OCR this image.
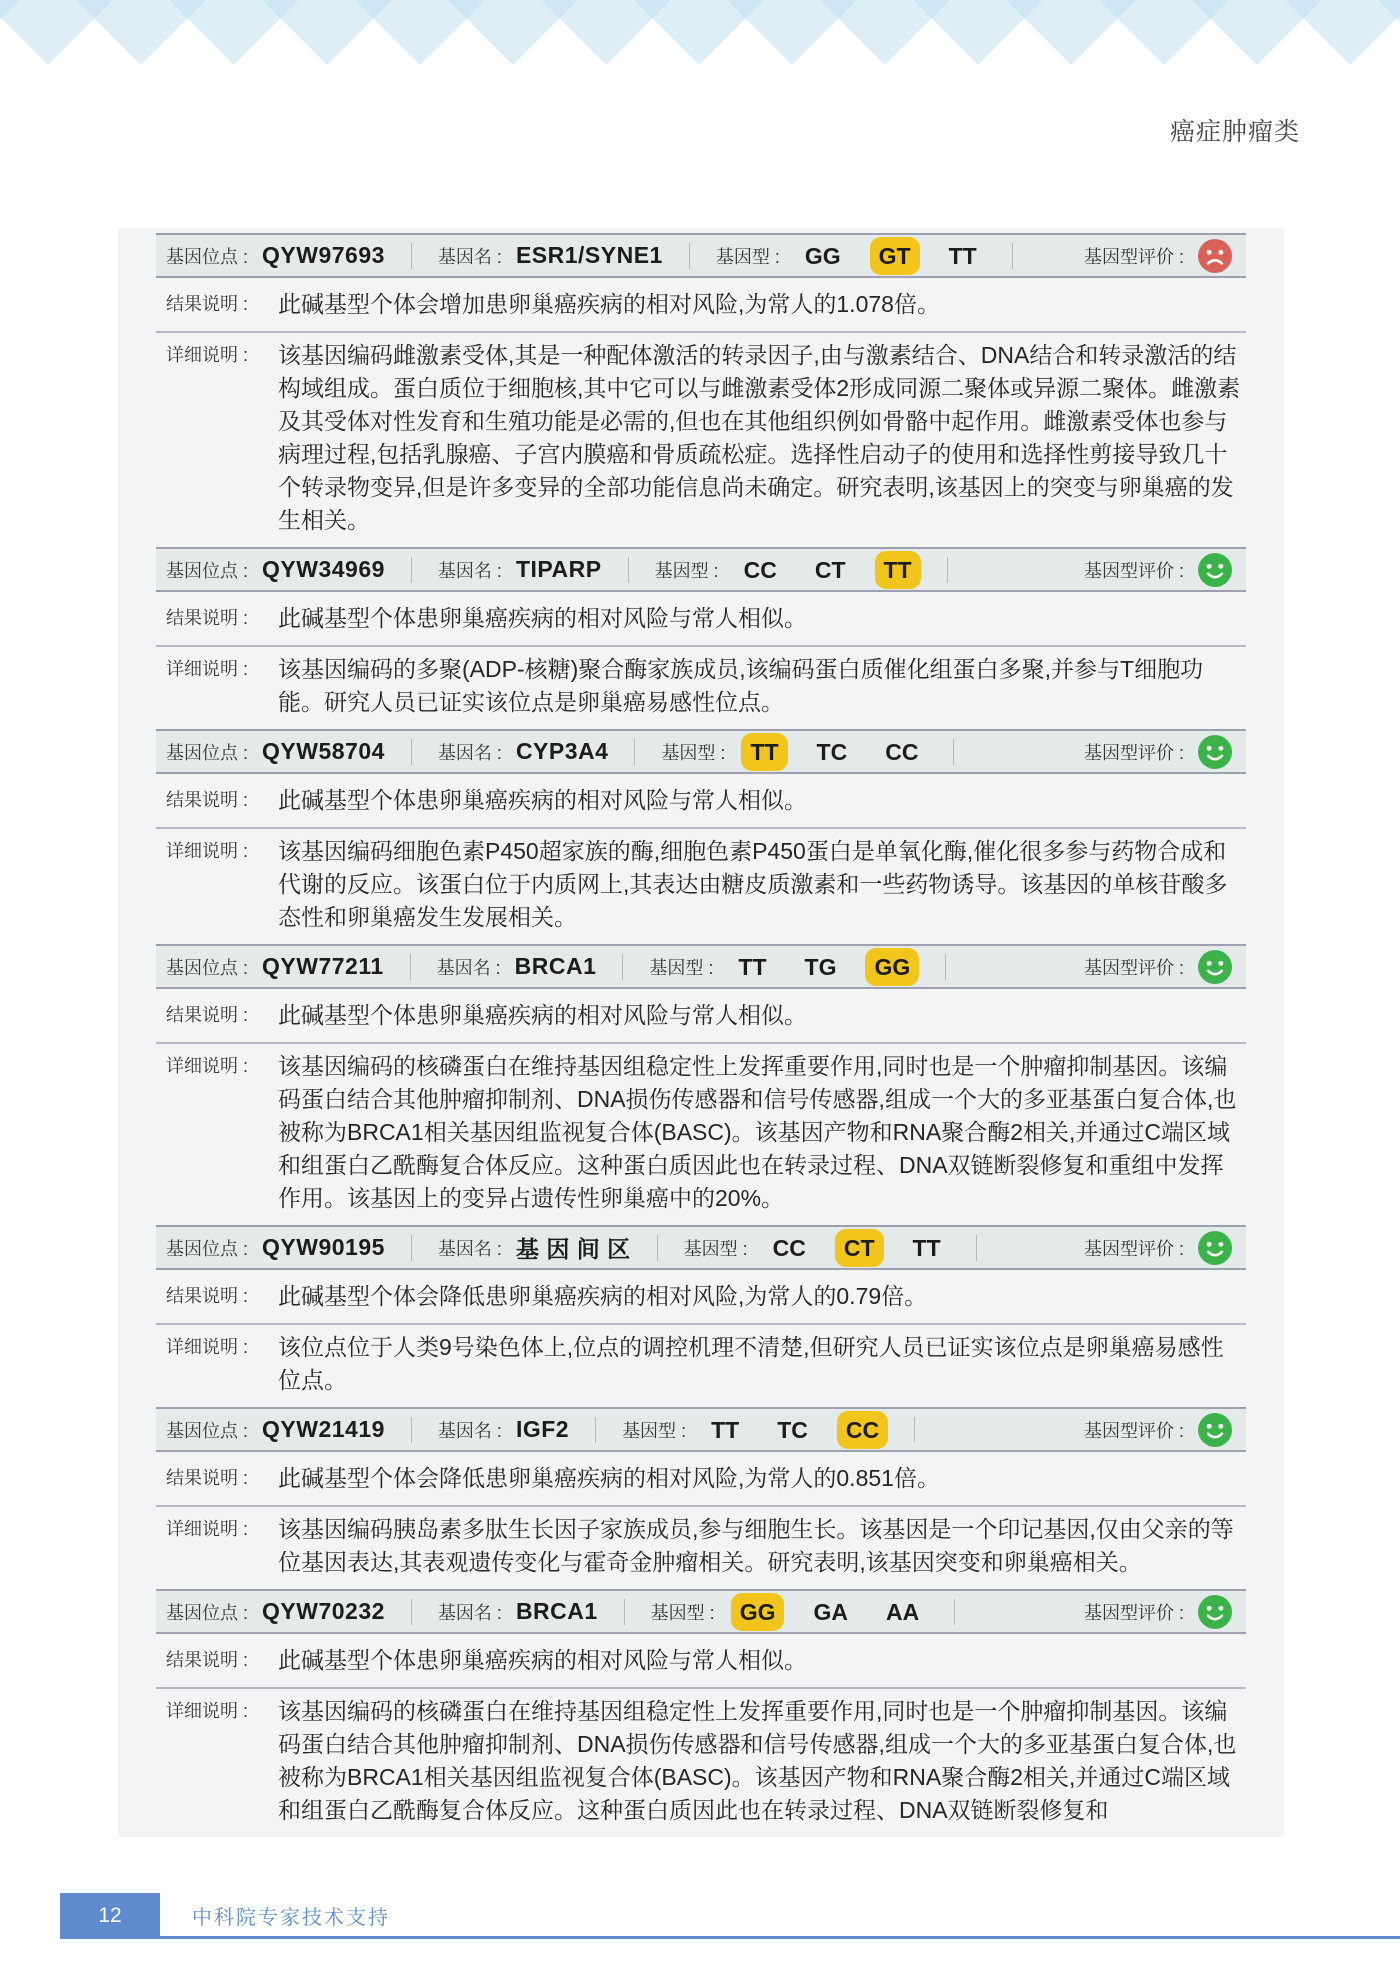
癌症肿瘤类
基因位点 : QYW97693	基因名 : ESR1/SYNE1	基因型 :	GG	GT	TT	基因型评价 :
结果说明 :	此碱基型个体会增加患卵巢癌疾病的相对风险,为常人的1.078倍。

详细说明 :	该基因编码雌激素受体,其是一种配体激活的转录因子,由与激素结合、DNA结合和转录激活的结构域组成。蛋白质位于细胞核,其中它可以与雌激素受体2形成同源二聚体或异源二聚体。雌激素及其受体对性发育和生殖功能是必需的,但也在其他组织例如骨骼中起作用。雌激素受体也参与病理过程,包括乳腺癌、子宫内膜癌和骨质疏松症。选择性启动子的使用和选择性剪接导致几十个转录物变异,但是许多变异的全部功能信息尚未确定。研究表明,该基因上的突变与卵巢癌的发生相关。

基因位点 : QYW34969	基因名 : TIPARP	基因型 :	CC	CT	TT	基因型评价 :
结果说明 :	此碱基型个体患卵巢癌疾病的相对风险与常人相似。

详细说明 :	该基因编码的多聚(ADP-核糖)聚合酶家族成员,该编码蛋白质催化组蛋白多聚,并参与T细胞功能。研究人员已证实该位点是卵巢癌易感性位点。

基因位点 : QYW58704	基因名 : CYP3A4	基因型 :	TT	TC	CC	基因型评价 :
结果说明 :	此碱基型个体患卵巢癌疾病的相对风险与常人相似。

详细说明 :	该基因编码细胞色素P450超家族的酶,细胞色素P450蛋白是单氧化酶,催化很多参与药物合成和代谢的反应。该蛋白位于内质网上,其表达由糖皮质激素和一些药物诱导。该基因的单核苷酸多态性和卵巢癌发生发展相关。

基因位点 : QYW77211	基因名 : BRCA1	基因型 :	TT	TG	GG	基因型评价 :
结果说明 :	此碱基型个体患卵巢癌疾病的相对风险与常人相似。

详细说明 :	该基因编码的核磷蛋白在维持基因组稳定性上发挥重要作用,同时也是一个肿瘤抑制基因。该编码蛋白结合其他肿瘤抑制剂、DNA损伤传感器和信号传感器,组成一个大的多亚基蛋白复合体,也被称为BRCA1相关基因组监视复合体(BASC)。该基因产物和RNA聚合酶2相关,并通过C端区域和组蛋白乙酰酶复合体反应。这种蛋白质因此也在转录过程、DNA双链断裂修复和重组中发挥作用。该基因上的变异占遗传性卵巢癌中的20%。

基因位点 : QYW90195	基因名 : 基 因 间 区	基因型 :	CC	CT	TT	基因型评价 :
结果说明 :	此碱基型个体会降低患卵巢癌疾病的相对风险,为常人的0.79倍。

详细说明 :	该位点位于人类9号染色体上,位点的调控机理不清楚,但研究人员已证实该位点是卵巢癌易感性位点。

基因位点 : QYW21419	基因名 : IGF2	基因型 :	TT	TC	CC	基因型评价 :
结果说明 :	此碱基型个体会降低患卵巢癌疾病的相对风险,为常人的0.851倍。

详细说明 :	该基因编码胰岛素多肽生长因子家族成员,参与细胞生长。该基因是一个印记基因,仅由父亲的等位基因表达,其表观遗传变化与霍奇金肿瘤相关。研究表明,该基因突变和卵巢癌相关。

基因位点 : QYW70232	基因名 : BRCA1	基因型 :	GG	GA	AA	基因型评价 :
结果说明 :	此碱基型个体患卵巢癌疾病的相对风险与常人相似。

详细说明 :	该基因编码的核磷蛋白在维持基因组稳定性上发挥重要作用,同时也是一个肿瘤抑制基因。该编码蛋白结合其他肿瘤抑制剂、DNA损伤传感器和信号传感器,组成一个大的多亚基蛋白复合体,也被称为BRCA1相关基因组监视复合体(BASC)。该基因产物和RNA聚合酶2相关,并通过C端区域和组蛋白乙酰酶复合体反应。这种蛋白质因此也在转录过程、DNA双链断裂修复和

12	中科院专家技术支持
